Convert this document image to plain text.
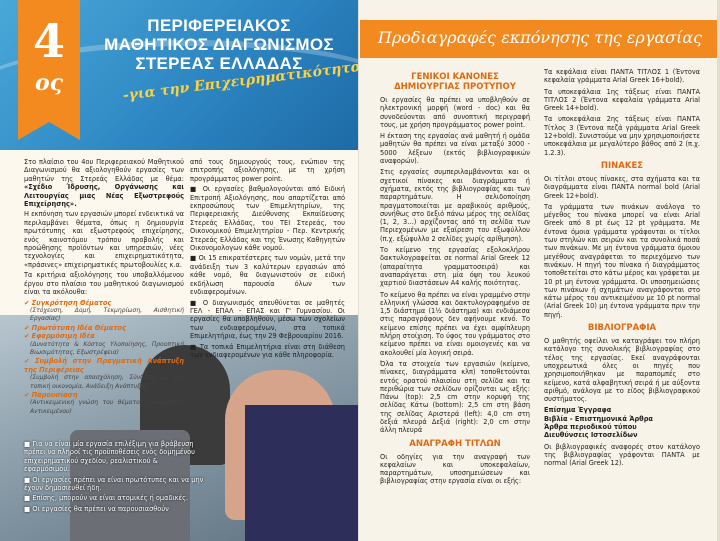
4
ος
ΠΕΡΙΦΕΡΕΙΑΚΟΣ
ΜΑΘΗΤΙΚΟΣ ΔΙΑΓΩΝΙΣΜΟΣ
ΣΤΕΡΕΑΣ ΕΛΛΑΔΑΣ

Στο πλαίσιο του 4ου Περιφερειακού Μαθητικού Διαγωνισμού θα αξιολογηθούν εργασίες των μαθητών της Στερεάς Ελλάδας με θέμα: «Σχέδιο Ίδρυσης, Οργάνωσης και Λειτουργίας μιας Νέας Εξωστρεφούς Επιχείρησης».

Η εκπόνηση των εργασιών μπορεί ενδεικτικά να περιλαμβάνει θέματα, όπως η δημιουργία πρωτότυπης και εξωστρεφούς επιχείρησης, ενός καινοτόμου τρόπου προβολής και προώθησης προϊόντων και υπηρεσιών, νέες τεχνολογίες και επιχειρηματικότητα, «πράσινες» επιχειρηματικές πρωτοβουλίες κ.α.

Τα κριτήρια αξιολόγησης του υποβαλλόμενου έργου στο πλαίσιο του μαθητικού διαγωνισμού είναι τα ακόλουθα:

✔ Συγκρότηση Θέματος
(Στόχευση, Δομή, Τεκμηρίωση, Αισθητική Εργασίας)
✔ Πρωτότυπη Ιδέα Θέματος
✔ Εφαρμόσιμη Ιδέα
(Δυνατότητα & Κόστος Υλοποίησης, Προοπτική Βιωσιμότητας, Εξωστρέφεια)
✔ Συμβολή στην Πραγματική Ανάπτυξη της Περιφέρειας
(Συμβολή στην απασχόληση, Σύνδεση με την τοπική οικονομία, Ανάδειξη Ανάπτυξη)
✔ Παρουσίαση
(Αντικειμενική γνώση του θέματος, Πληρότητα Αντικειμένου)

■ Για να είναι μία εργασία επιλέξιμη για βράβευση πρέπει να πληροί τις προϋποθέσεις ενός δομημένου επιχειρηματικού σχεδίου, ρεαλιστικού & εφαρμόσιμου.

■ Οι εργασίες πρέπει να είναι πρωτότυπες και να μην έχουν δημοσιευθεί ήδη.

■ Επίσης, μπορούν να είναι ατομικές ή ομαδικές.

■ Οι εργασίες θα πρέπει να παρουσιασθούν

από τους δημιουργούς τους, ενώπιον της επιτροπής αξιολόγησης, με τη χρήση προγράμματος power point.

■ Οι εργασίες βαθμολογούνται από Ειδική Επιτροπή Αξιολόγησης, που απαρτίζεται από εκπροσώπους των Επιμελητηρίων, της Περιφερειακής Διεύθυνσης Εκπαίδευσης Στερεάς Ελλάδας, του ΤΕΙ Στερεάς, του Οικονομικού Επιμελητηρίου - Περ. Κεντρικής Στερεάς Ελλάδας και της Ένωσης Καθηγητών Οικονομολογων κάθε νομού.

■ Οι 15 επικρατέστερες των νομών, μετά την ανάδειξη των 3 καλύτερων εργασιών από κάθε νομό, θα διαγωνιστούν σε ειδική εκδήλωση παρουσία όλων των ενδιαφερομένων.

■ Ο διαγωνισμός απευθύνεται σε μαθητές ΓΕΛ - ΕΠΑΛ - ΕΠΑΣ και Γ' Γυμνασίου. Οι εργασίες θα υποβληθούν, μέσω των σχολείων των ενδιαφερομένων, στα τοπικά Επιμελητήρια, έως την 29 Φεβρουαρίου 2016.

■ Τα τοπικά Επιμελητήρια είναι στη διάθεση των ενδιαφερομένων για κάθε πληροφορία.

Προδιαγραφές εκπόνησης της εργασίας
ΓΕΝΙΚΟΙ ΚΑΝΟΝΕΣ ΔΗΜΙΟΥΡΓΙΑΣ ΠΡΟΤΥΠΟΥ

Οι εργασίες θα πρέπει να υποβληθούν σε ηλεκτρονική μορφή (word - doc) και θα συνοδεύονται από συνοπτική περιγραφή τους, με χρήση προγράμματος power point.

Η έκταση της εργασίας ανά μαθητή ή ομάδα μαθητών θα πρέπει να είναι μεταξύ 3000 - 5000 λέξεων (εκτός βιβλιογραφικών αναφορών).

Στις εργασίες συμπεριλαμβάνονται και οι σχετικοί πίνακες και διαγράμματα ή σχήματα, εκτός της βιβλιογραφίας και των παραρτημάτων. Η σελιδοποίηση πραγματοποιείται με αραβικούς αριθμούς, συνήθως στο δεξιό πάνω μέρος της σελίδας (1, 2, 3…) αρχίζοντας από τη σελίδα των Περιεχομένων με εξαίρεση του εξωφύλλου (π.χ. εξώφυλλο 2 σελίδες χωρίς αρίθμηση).

Το κείμενο της εργασίας εξολοκλήρου δακτυλογραφείται σε normal Arial Greek 12 (απαραίτητα γραμματοσειρά) και αναπαράγεται στη μία όψη του λευκού χαρτιού διαστάσεων Α4 καλής ποιότητας.

Το κείμενο θα πρέπει να είναι γραμμένο στην ελληνική γλώσσα και δακτυλογραφημένο σε 1,5 διάστημα (1½ διάστημα) και ενδιάμεσα στις παραγράφους δεν αφήνουμε κενό. Το κείμενο επίσης πρέπει να έχει αμφίπλευρη πλήρη στοίχιση. Το ύφος του γράμματος στο κείμενο πρέπει να είναι ομοιογενές και να ακολουθεί μία λογική σειρά.

Όλα τα στοιχεία των εργασιών (κείμενο, πίνακες, διαγράμματα κλπ) τοποθετούνται εντός ορατού πλαισίου στη σελίδα και τα περιθώρια των σελίδων ορίζονται ως εξής: Πάνω (top): 2,5 cm στην κορυφή της σελίδας Κάτω (bottom): 2,5 cm στη βάση της σελίδας Αριστερά (left): 4,0 cm στη δεξιά πλευρά Δεξιά (right): 2,0 cm στην άλλη πλευρά

ΑΝΑΓΡΑΦΗ ΤΙΤΛΩΝ

Οι οδηγίες για την αναγραφή των κεφαλαίων και υποκεφαλαίων, παραρτημάτων, υποσημειώσεων και βιβλιογραφίας στην εργασία είναι οι εξής:

Τα κεφάλαια είναι ΠΑΝΤΑ ΤΙΤΛΟΣ 1 (Έντονα κεφαλαία γράμματα Arial Greek 16+bold).

Τα υποκεφάλαια 1ης τάξεως είναι ΠΑΝΤΑ ΤΙΤΛΟΣ 2 (Έντονα κεφαλαία γράμματα Arial Greek 14+bold).

Τα υποκεφάλαια 2ης τάξεως είναι ΠΑΝΤΑ Τίτλος 3 (Έντονα πεζά γράμματα Arial Greek 12+bold). Συνιστούμε να μην χρησιμοποιήσετε υποκεφάλαια με μεγαλύτερο βάθος από 2 (π.χ. 1.2.3).

ΠΙΝΑΚΕΣ

Οι τίτλοι στους πίνακες, στα σχήματα και τα διαγράμματα είναι ΠΑΝΤΑ normal bold (Arial Greek 12+bold).

Τα γράμματα των πινάκων ανάλογα το μέγεθος του πίνακα μπορεί να είναι Arial Greek από 8 pt έως 12 pt γράμματα. Με έντονα όμοια γράμματα γράφονται οι τίτλοι των στηλών και σειρών και τα συνολικά ποσά των πινάκων. Με μη έντονα γράμματα όμοιου μεγέθους αναγράφεται το περιεχόμενο των πινάκων. Η πηγή του πίνακα ή διαγράμματος τοποθετείται στο κάτω μέρος και γράφεται με 10 pt μη έντονα γράμματα. Οι υποσημειώσεις των πινάκων ή σχημάτων αναγράφονται στο κάτω μέρος του αντικειμένου με 10 pt normal (Arial Greek 10) μη έντονα γράμματα πριν την πηγή.

ΒΙΒΛΙΟΓΡΑΦΙΑ

Ο μαθητής οφείλει να καταγράψει τον πλήρη κατάλογο της συνολικής βιβλιογραφίας στο τέλος της εργασίας. Εκεί αναγράφονται υποχρεωτικά όλες οι πηγές που χρησιμοποιήθηκαν με παραπομπές στο κείμενο, κατά αλφαβητική σειρά ή με αύξοντα αριθμό, ανάλογα με το είδος βιβλιογραφικού συστήματος.

Επίσημα Έγγραφα
Βιβλία - Επιστημονικά Άρθρα
Άρθρα περιοδικού τύπου
Διευθύνσεις Ιστοσελίδων

Οι βιβλιογραφικές αναφορές στον κατάλογο της βιβλιογραφίας γράφονται ΠΑΝΤΑ με normal (Arial Greek 12).
